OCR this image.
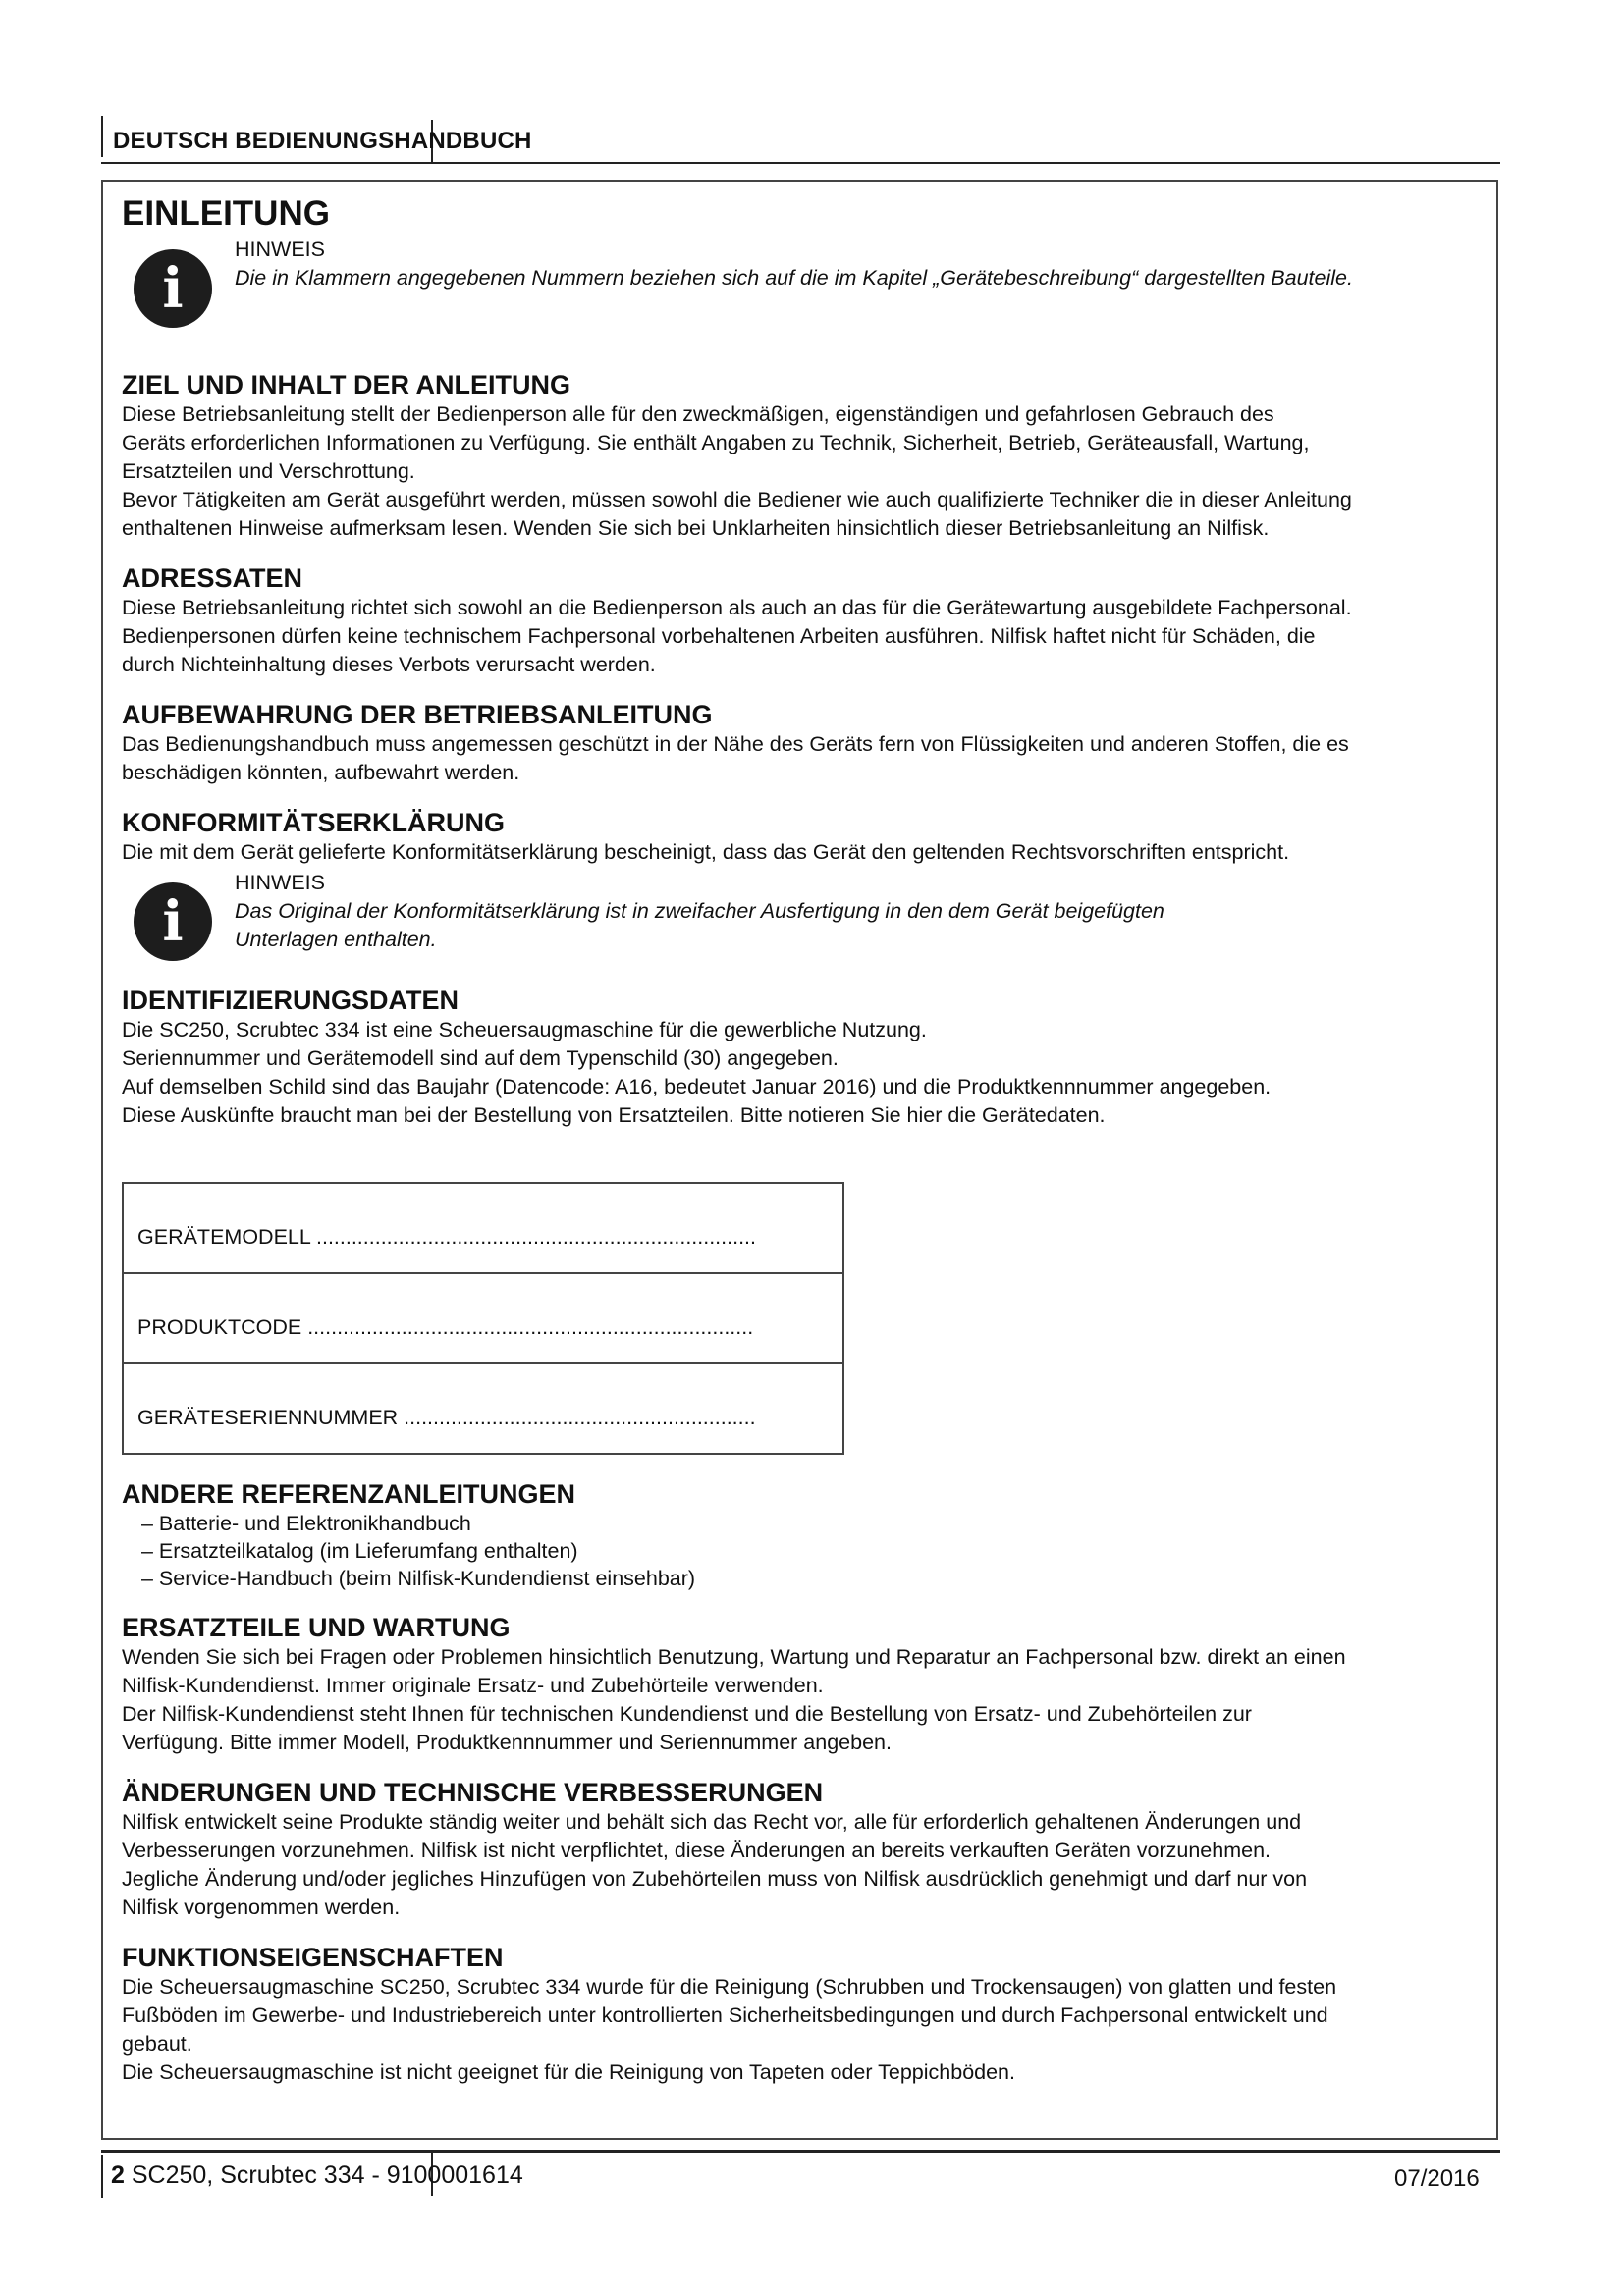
DEUTSCH BEDIENUNGSHANDBUCH
EINLEITUNG
i
HINWEIS
Die in Klammern angegebenen Nummern beziehen sich auf die im Kapitel „Gerätebeschreibung“ dargestellten Bauteile.
ZIEL UND INHALT DER ANLEITUNG

Diese Betriebsanleitung stellt der Bedienperson alle für den zweckmäßigen, eigenständigen und gefahrlosen Gebrauch des

Geräts erforderlichen Informationen zu Verfügung. Sie enthält Angaben zu Technik, Sicherheit, Betrieb, Geräteausfall, Wartung,

Ersatzteilen und Verschrottung.

Bevor Tätigkeiten am Gerät ausgeführt werden, müssen sowohl die Bediener wie auch qualifizierte Techniker die in dieser Anleitung

enthaltenen Hinweise aufmerksam lesen. Wenden Sie sich bei Unklarheiten hinsichtlich dieser Betriebsanleitung an Nilfisk.

ADRESSATEN

Diese Betriebsanleitung richtet sich sowohl an die Bedienperson als auch an das für die Gerätewartung ausgebildete Fachpersonal.

Bedienpersonen dürfen keine technischem Fachpersonal vorbehaltenen Arbeiten ausführen. Nilfisk haftet nicht für Schäden, die

durch Nichteinhaltung dieses Verbots verursacht werden.

AUFBEWAHRUNG DER BETRIEBSANLEITUNG

Das Bedienungshandbuch muss angemessen geschützt in der Nähe des Geräts fern von Flüssigkeiten und anderen Stoffen, die es

beschädigen könnten, aufbewahrt werden.

KONFORMITÄTSERKLÄRUNG

Die mit dem Gerät gelieferte Konformitätserklärung bescheinigt, dass das Gerät den geltenden Rechtsvorschriften entspricht.

i
HINWEIS
Das Original der Konformitätserklärung ist in zweifacher Ausfertigung in den dem Gerät beigefügten Unterlagen enthalten.
IDENTIFIZIERUNGSDATEN

Die SC250, Scrubtec 334 ist eine Scheuersaugmaschine für die gewerbliche Nutzung.

Seriennummer und Gerätemodell sind auf dem Typenschild (30) angegeben.

Auf demselben Schild sind das Baujahr (Datencode: A16, bedeutet Januar 2016) und die Produktkennnummer angegeben.

Diese Auskünfte braucht man bei der Bestellung von Ersatzteilen. Bitte notieren Sie hier die Gerätedaten.

GERÄTEMODELL ...........................................................................
PRODUKTCODE ............................................................................
GERÄTESERIENNUMMER ............................................................
ANDERE REFERENZANLEITUNGEN
– Batterie- und Elektronikhandbuch
– Ersatzteilkatalog (im Lieferumfang enthalten)
– Service-Handbuch (beim Nilfisk-Kundendienst einsehbar)
ERSATZTEILE UND WARTUNG

Wenden Sie sich bei Fragen oder Problemen hinsichtlich Benutzung, Wartung und Reparatur an Fachpersonal bzw. direkt an einen

Nilfisk-Kundendienst. Immer originale Ersatz- und Zubehörteile verwenden.

Der Nilfisk-Kundendienst steht Ihnen für technischen Kundendienst und die Bestellung von Ersatz- und Zubehörteilen zur

Verfügung. Bitte immer Modell, Produktkennnummer und Seriennummer angeben.

ÄNDERUNGEN UND TECHNISCHE VERBESSERUNGEN

Nilfisk entwickelt seine Produkte ständig weiter und behält sich das Recht vor, alle für erforderlich gehaltenen Änderungen und

Verbesserungen vorzunehmen. Nilfisk ist nicht verpflichtet, diese Änderungen an bereits verkauften Geräten vorzunehmen.

Jegliche Änderung und/oder jegliches Hinzufügen von Zubehörteilen muss von Nilfisk ausdrücklich genehmigt und darf nur von

Nilfisk vorgenommen werden.

FUNKTIONSEIGENSCHAFTEN

Die Scheuersaugmaschine SC250, Scrubtec 334 wurde für die Reinigung (Schrubben und Trockensaugen) von glatten und festen

Fußböden im Gewerbe- und Industriebereich unter kontrollierten Sicherheitsbedingungen und durch Fachpersonal entwickelt und

gebaut.

Die Scheuersaugmaschine ist nicht geeignet für die Reinigung von Tapeten oder Teppichböden.

2 SC250, Scrubtec 334 - 9100001614	07/2016
